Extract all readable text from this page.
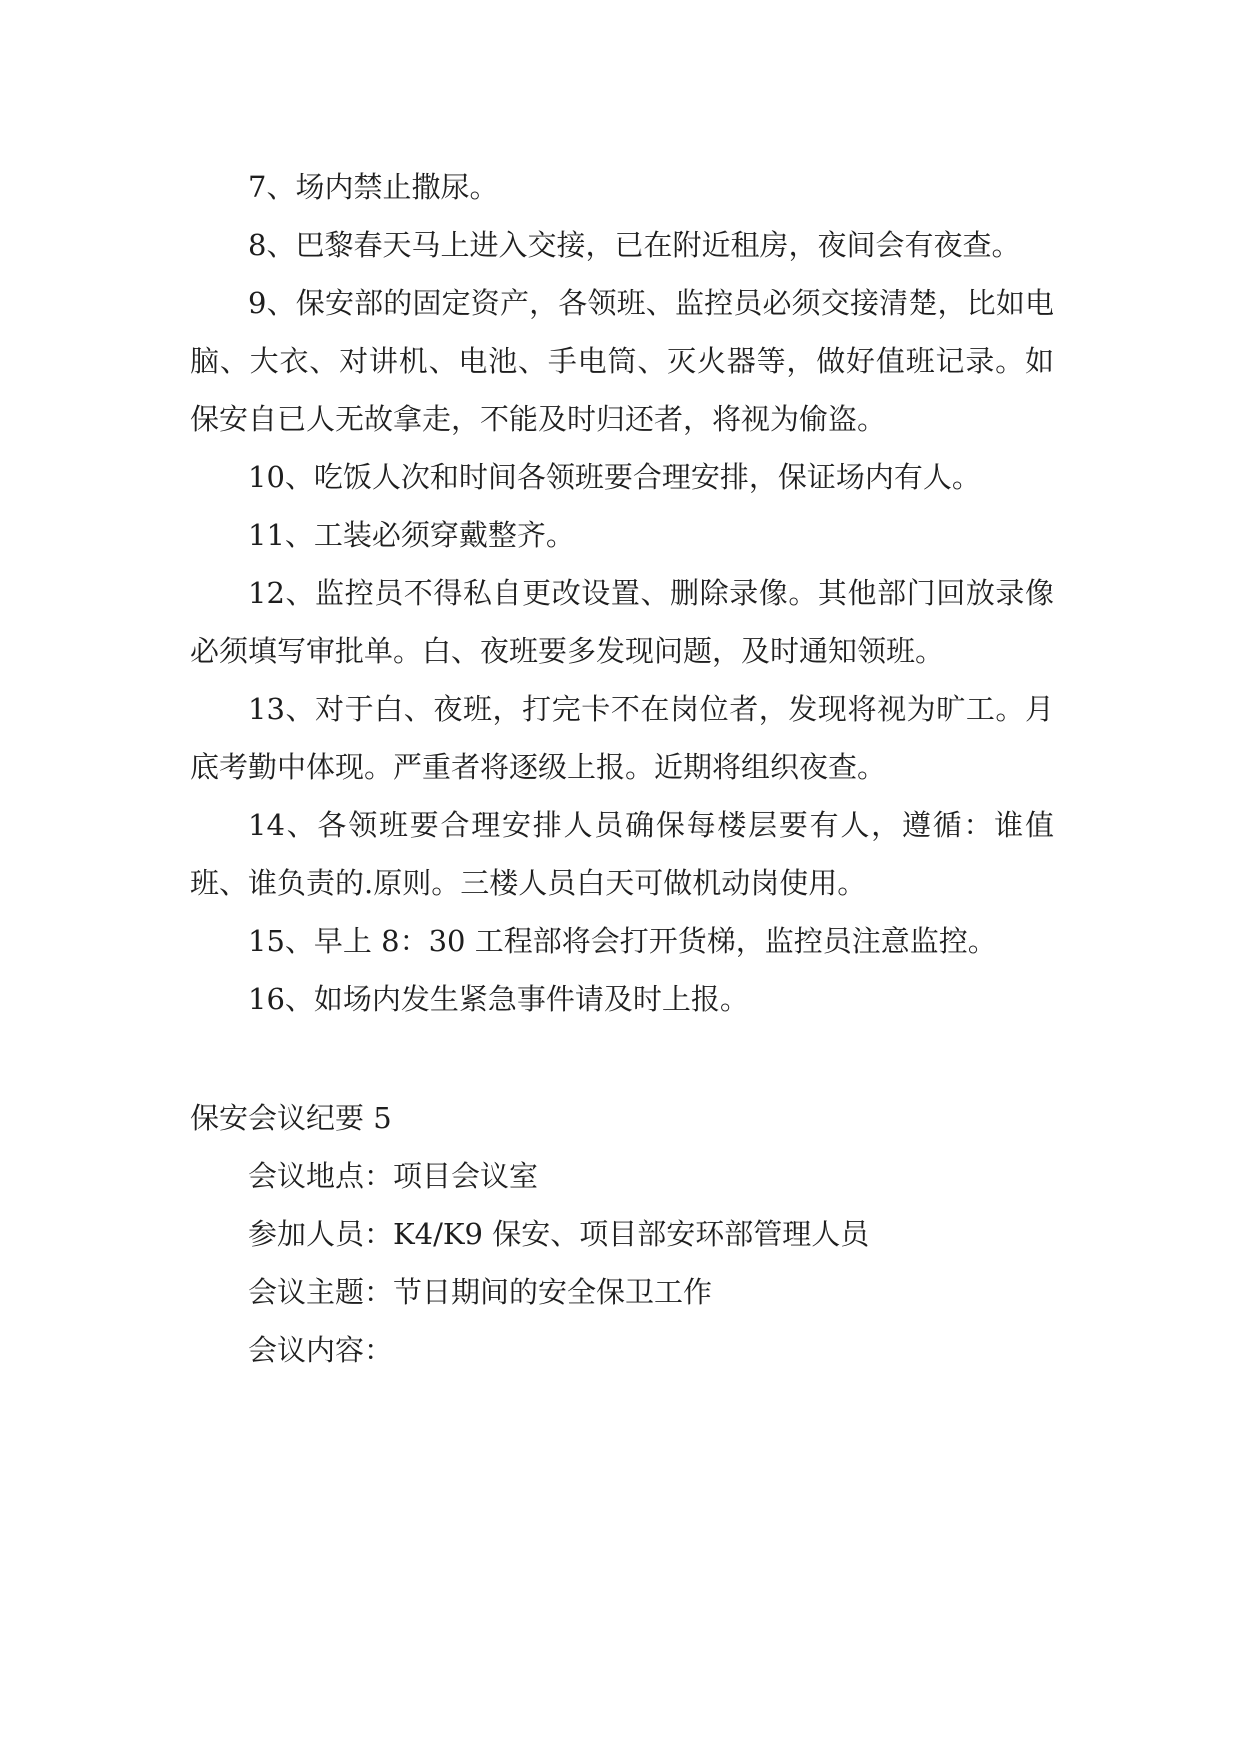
7、场内禁止撒尿。

8、巴黎春天马上进入交接，已在附近租房，夜间会有夜查。

9、保安部的固定资产，各领班、监控员必须交接清楚，比如电脑、大衣、对讲机、电池、手电筒、灭火器等，做好值班记录。如保安自已人无故拿走，不能及时归还者，将视为偷盗。

10、吃饭人次和时间各领班要合理安排，保证场内有人。

11、工装必须穿戴整齐。

12、监控员不得私自更改设置、删除录像。其他部门回放录像必须填写审批单。白、夜班要多发现问题，及时通知领班。

13、对于白、夜班，打完卡不在岗位者，发现将视为旷工。月底考勤中体现。严重者将逐级上报。近期将组织夜查。

14、各领班要合理安排人员确保每楼层要有人，遵循：谁值班、谁负责的.原则。三楼人员白天可做机动岗使用。

15、早上 8：30 工程部将会打开货梯，监控员注意监控。

16、如场内发生紧急事件请及时上报。

保安会议纪要 5

会议地点：项目会议室

参加人员：K4/K9 保安、项目部安环部管理人员

会议主题：节日期间的安全保卫工作

会议内容：
